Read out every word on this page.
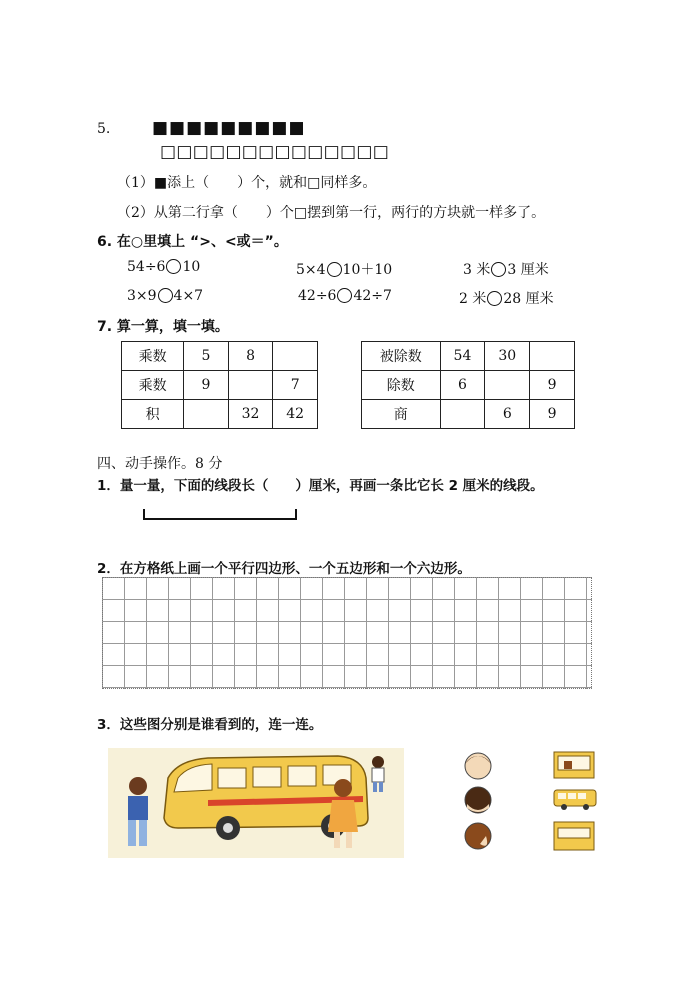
5. ■■■■■■■■■
□□□□□□□□□□□□□□
（1）■添上（　　）个，就和□同样多。
（2）从第二行拿（　　）个□摆到第一行，两行的方块就一样多了。
6. 在○里填上 “>、<或＝”。
54÷6 10	5×4 10＋10	3 米 3 厘米
3×9 4×7	42÷6 42÷7	2 米 28 厘米
7. 算一算，填一填。
乘数	5	8	
乘数	9		7
积		32	42
被除数	54	30	
除数	6		9
商		6	9
四、动手操作。8 分
1．量一量，下面的线段长（　　）厘米，再画一条比它长 2 厘米的线段。
2．在方格纸上画一个平行四边形、一个五边形和一个六边形。
3．这些图分别是谁看到的，连一连。
